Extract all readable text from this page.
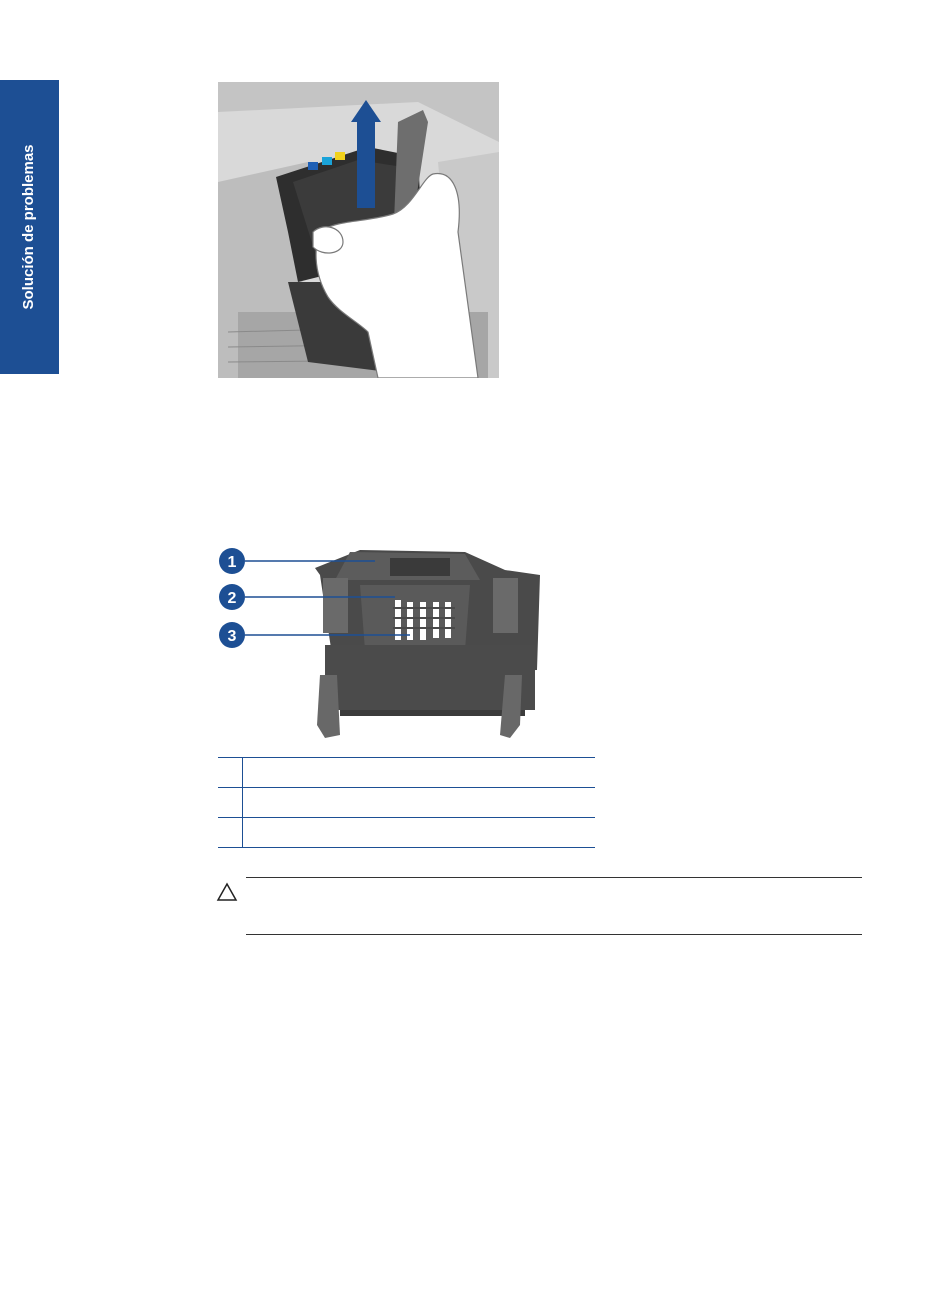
Solución de problemas
1
2
3
